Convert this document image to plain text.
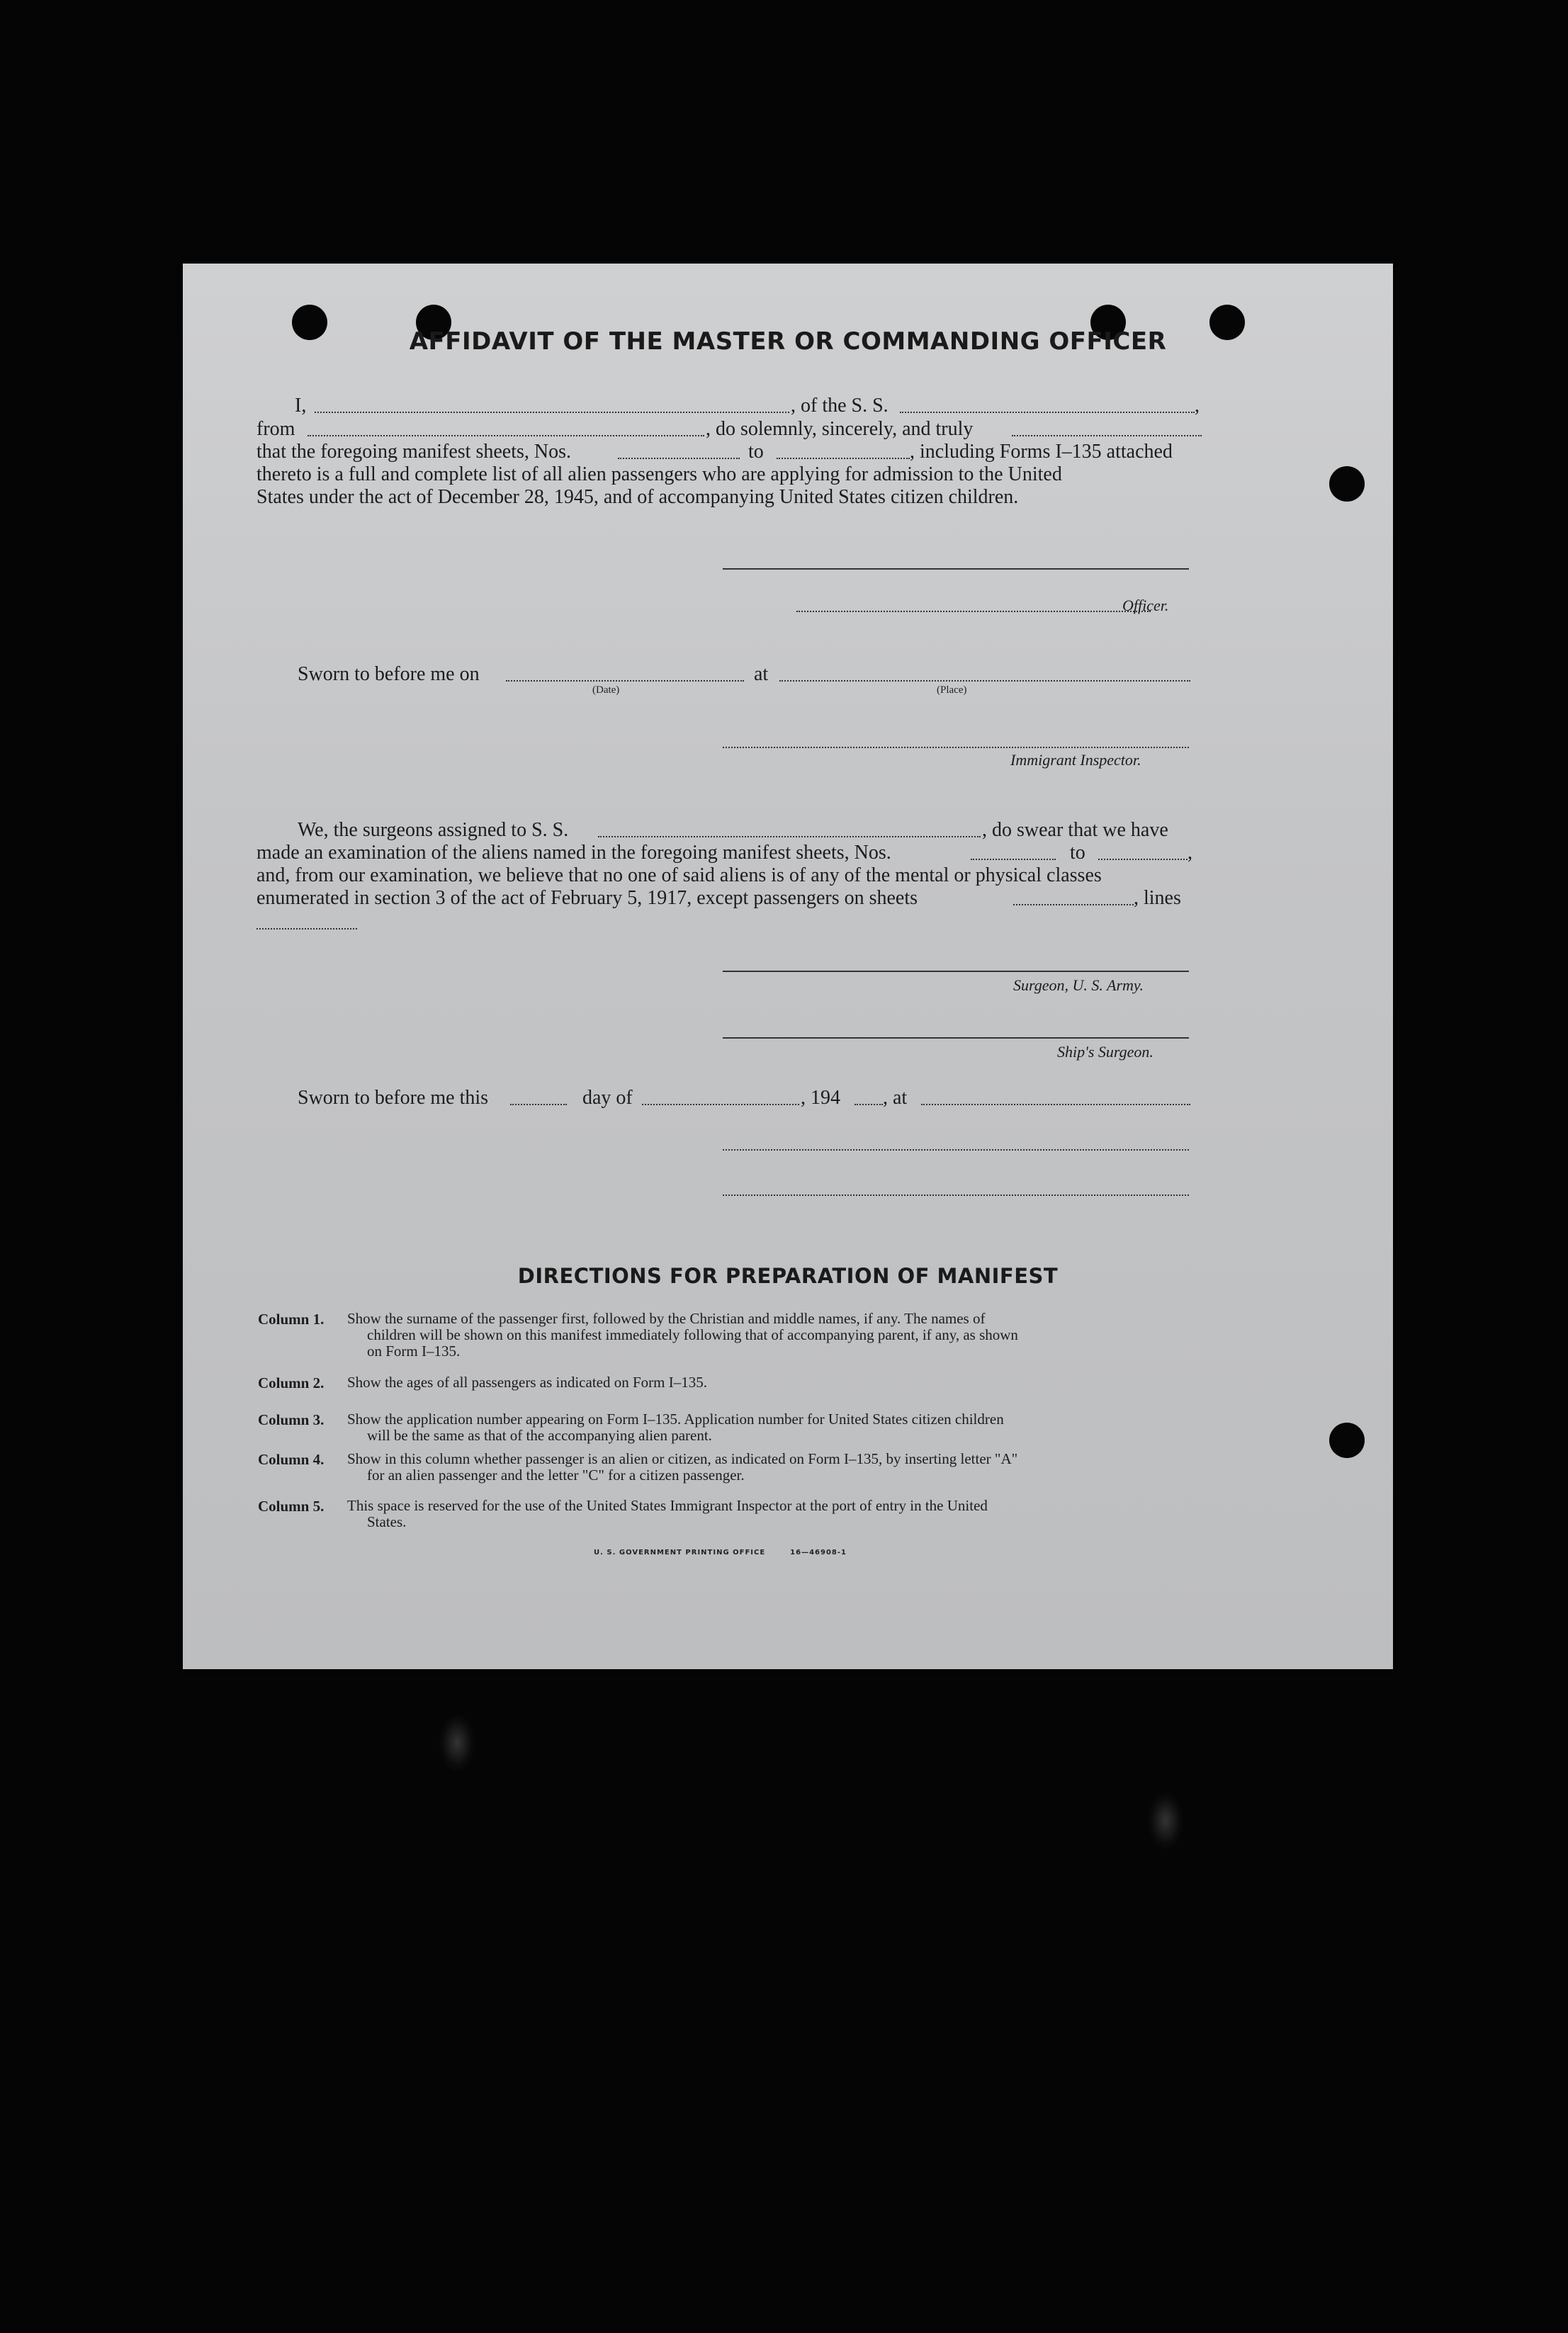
AFFIDAVIT OF THE MASTER OR COMMANDING OFFICER
I,	, of the S. S.	,
from	, do solemnly, sincerely, and truly
that the foregoing manifest sheets, Nos.	to	, including Forms I–135 attached
thereto is a full and complete list of all alien passengers who are applying for admission to the United
States under the act of December 28, 1945, and of accompanying United States citizen children.
Officer.
Sworn to before me on	at
(Date)	(Place)
Immigrant Inspector.
We, the surgeons assigned to S. S.	, do swear that we have
made an examination of the aliens named in the foregoing manifest sheets, Nos.	to	,
and, from our examination, we believe that no one of said aliens is of any of the mental or physical classes
enumerated in section 3 of the act of February 5, 1917, except passengers on sheets	, lines
Surgeon, U. S. Army.
Ship's Surgeon.
Sworn to before me this	day of	, 194 , at
DIRECTIONS FOR PREPARATION OF MANIFEST
Column 1. Show the surname of the passenger first, followed by the Christian and middle names, if any. The names of
children will be shown on this manifest immediately following that of accompanying parent, if any, as shown
on Form I–135.
Column 2. Show the ages of all passengers as indicated on Form I–135.
Column 3. Show the application number appearing on Form I–135. Application number for United States citizen children
will be the same as that of the accompanying alien parent.
Column 4. Show in this column whether passenger is an alien or citizen, as indicated on Form I–135, by inserting letter "A"
for an alien passenger and the letter "C" for a citizen passenger.
Column 5. This space is reserved for the use of the United States Immigrant Inspector at the port of entry in the United
States.
U. S. GOVERNMENT PRINTING OFFICE	16—46908-1
